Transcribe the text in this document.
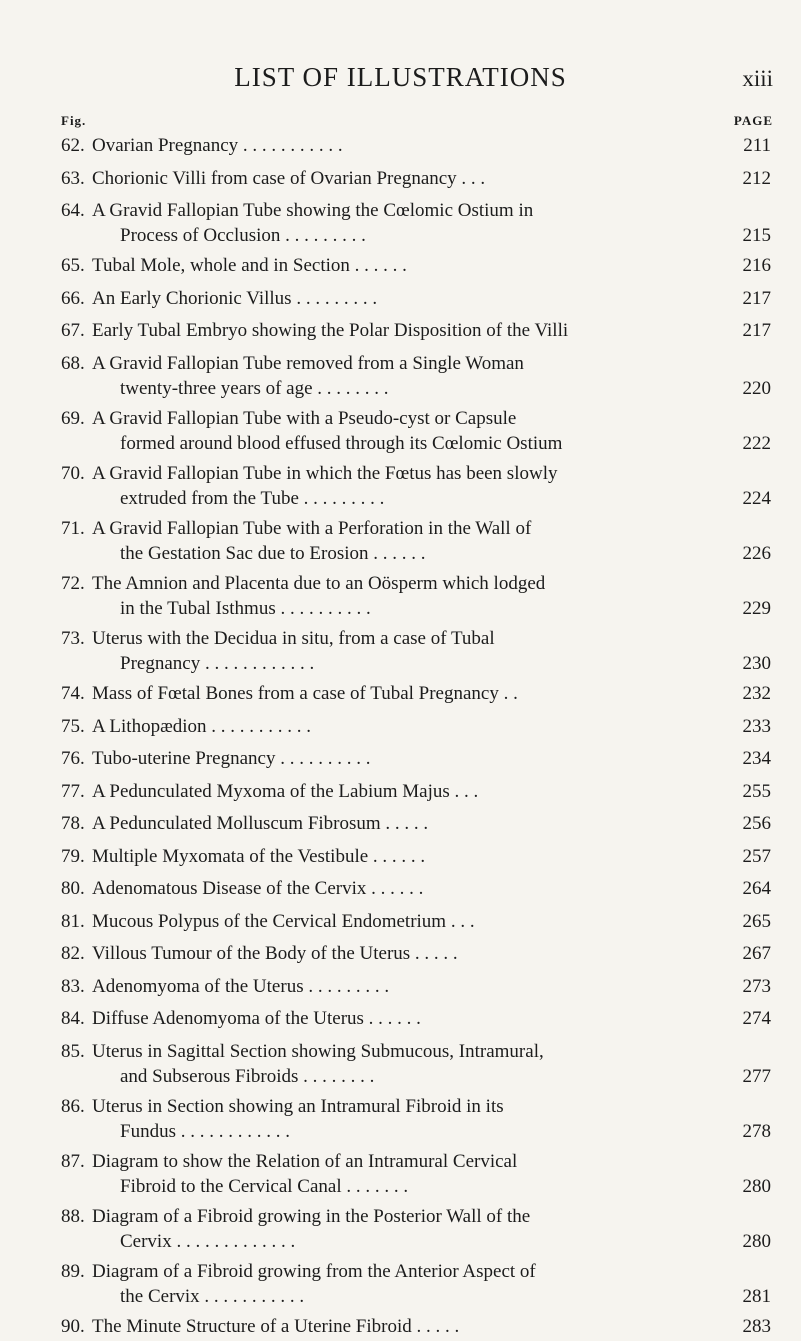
LIST OF ILLUSTRATIONS	xiii
Fig.	PAGE
62. Ovarian Pregnancy . . . . . . . . . . .	211
63. Chorionic Villi from case of Ovarian Pregnancy . . .	212
64. A Gravid Fallopian Tube showing the Cœlomic Ostium in
Process of Occlusion . . . . . . . . .	215
65. Tubal Mole, whole and in Section . . . . . .	216
66. An Early Chorionic Villus . . . . . . . . .	217
67. Early Tubal Embryo showing the Polar Disposition of the Villi	217
68. A Gravid Fallopian Tube removed from a Single Woman
twenty-three years of age . . . . . . . .	220
69. A Gravid Fallopian Tube with a Pseudo-cyst or Capsule
formed around blood effused through its Cœlomic Ostium	222
70. A Gravid Fallopian Tube in which the Fœtus has been slowly
extruded from the Tube . . . . . . . . .	224
71. A Gravid Fallopian Tube with a Perforation in the Wall of
the Gestation Sac due to Erosion . . . . . .	226
72. The Amnion and Placenta due to an Oösperm which lodged
in the Tubal Isthmus . . . . . . . . . .	229
73. Uterus with the Decidua in situ, from a case of Tubal
Pregnancy . . . . . . . . . . . .	230
74. Mass of Fœtal Bones from a case of Tubal Pregnancy . .	232
75. A Lithopædion . . . . . . . . . . .	233
76. Tubo-uterine Pregnancy . . . . . . . . . .	234
77. A Pedunculated Myxoma of the Labium Majus . . .	255
78. A Pedunculated Molluscum Fibrosum . . . . .	256
79. Multiple Myxomata of the Vestibule . . . . . .	257
80. Adenomatous Disease of the Cervix . . . . . .	264
81. Mucous Polypus of the Cervical Endometrium . . .	265
82. Villous Tumour of the Body of the Uterus . . . . .	267
83. Adenomyoma of the Uterus . . . . . . . . .	273
84. Diffuse Adenomyoma of the Uterus . . . . . .	274
85. Uterus in Sagittal Section showing Submucous, Intramural,
and Subserous Fibroids . . . . . . . .	277
86. Uterus in Section showing an Intramural Fibroid in its
Fundus . . . . . . . . . . . .	278
87. Diagram to show the Relation of an Intramural Cervical
Fibroid to the Cervical Canal . . . . . . .	280
88. Diagram of a Fibroid growing in the Posterior Wall of the
Cervix . . . . . . . . . . . . .	280
89. Diagram of a Fibroid growing from the Anterior Aspect of
the Cervix . . . . . . . . . . .	281
90. The Minute Structure of a Uterine Fibroid . . . . .	283
